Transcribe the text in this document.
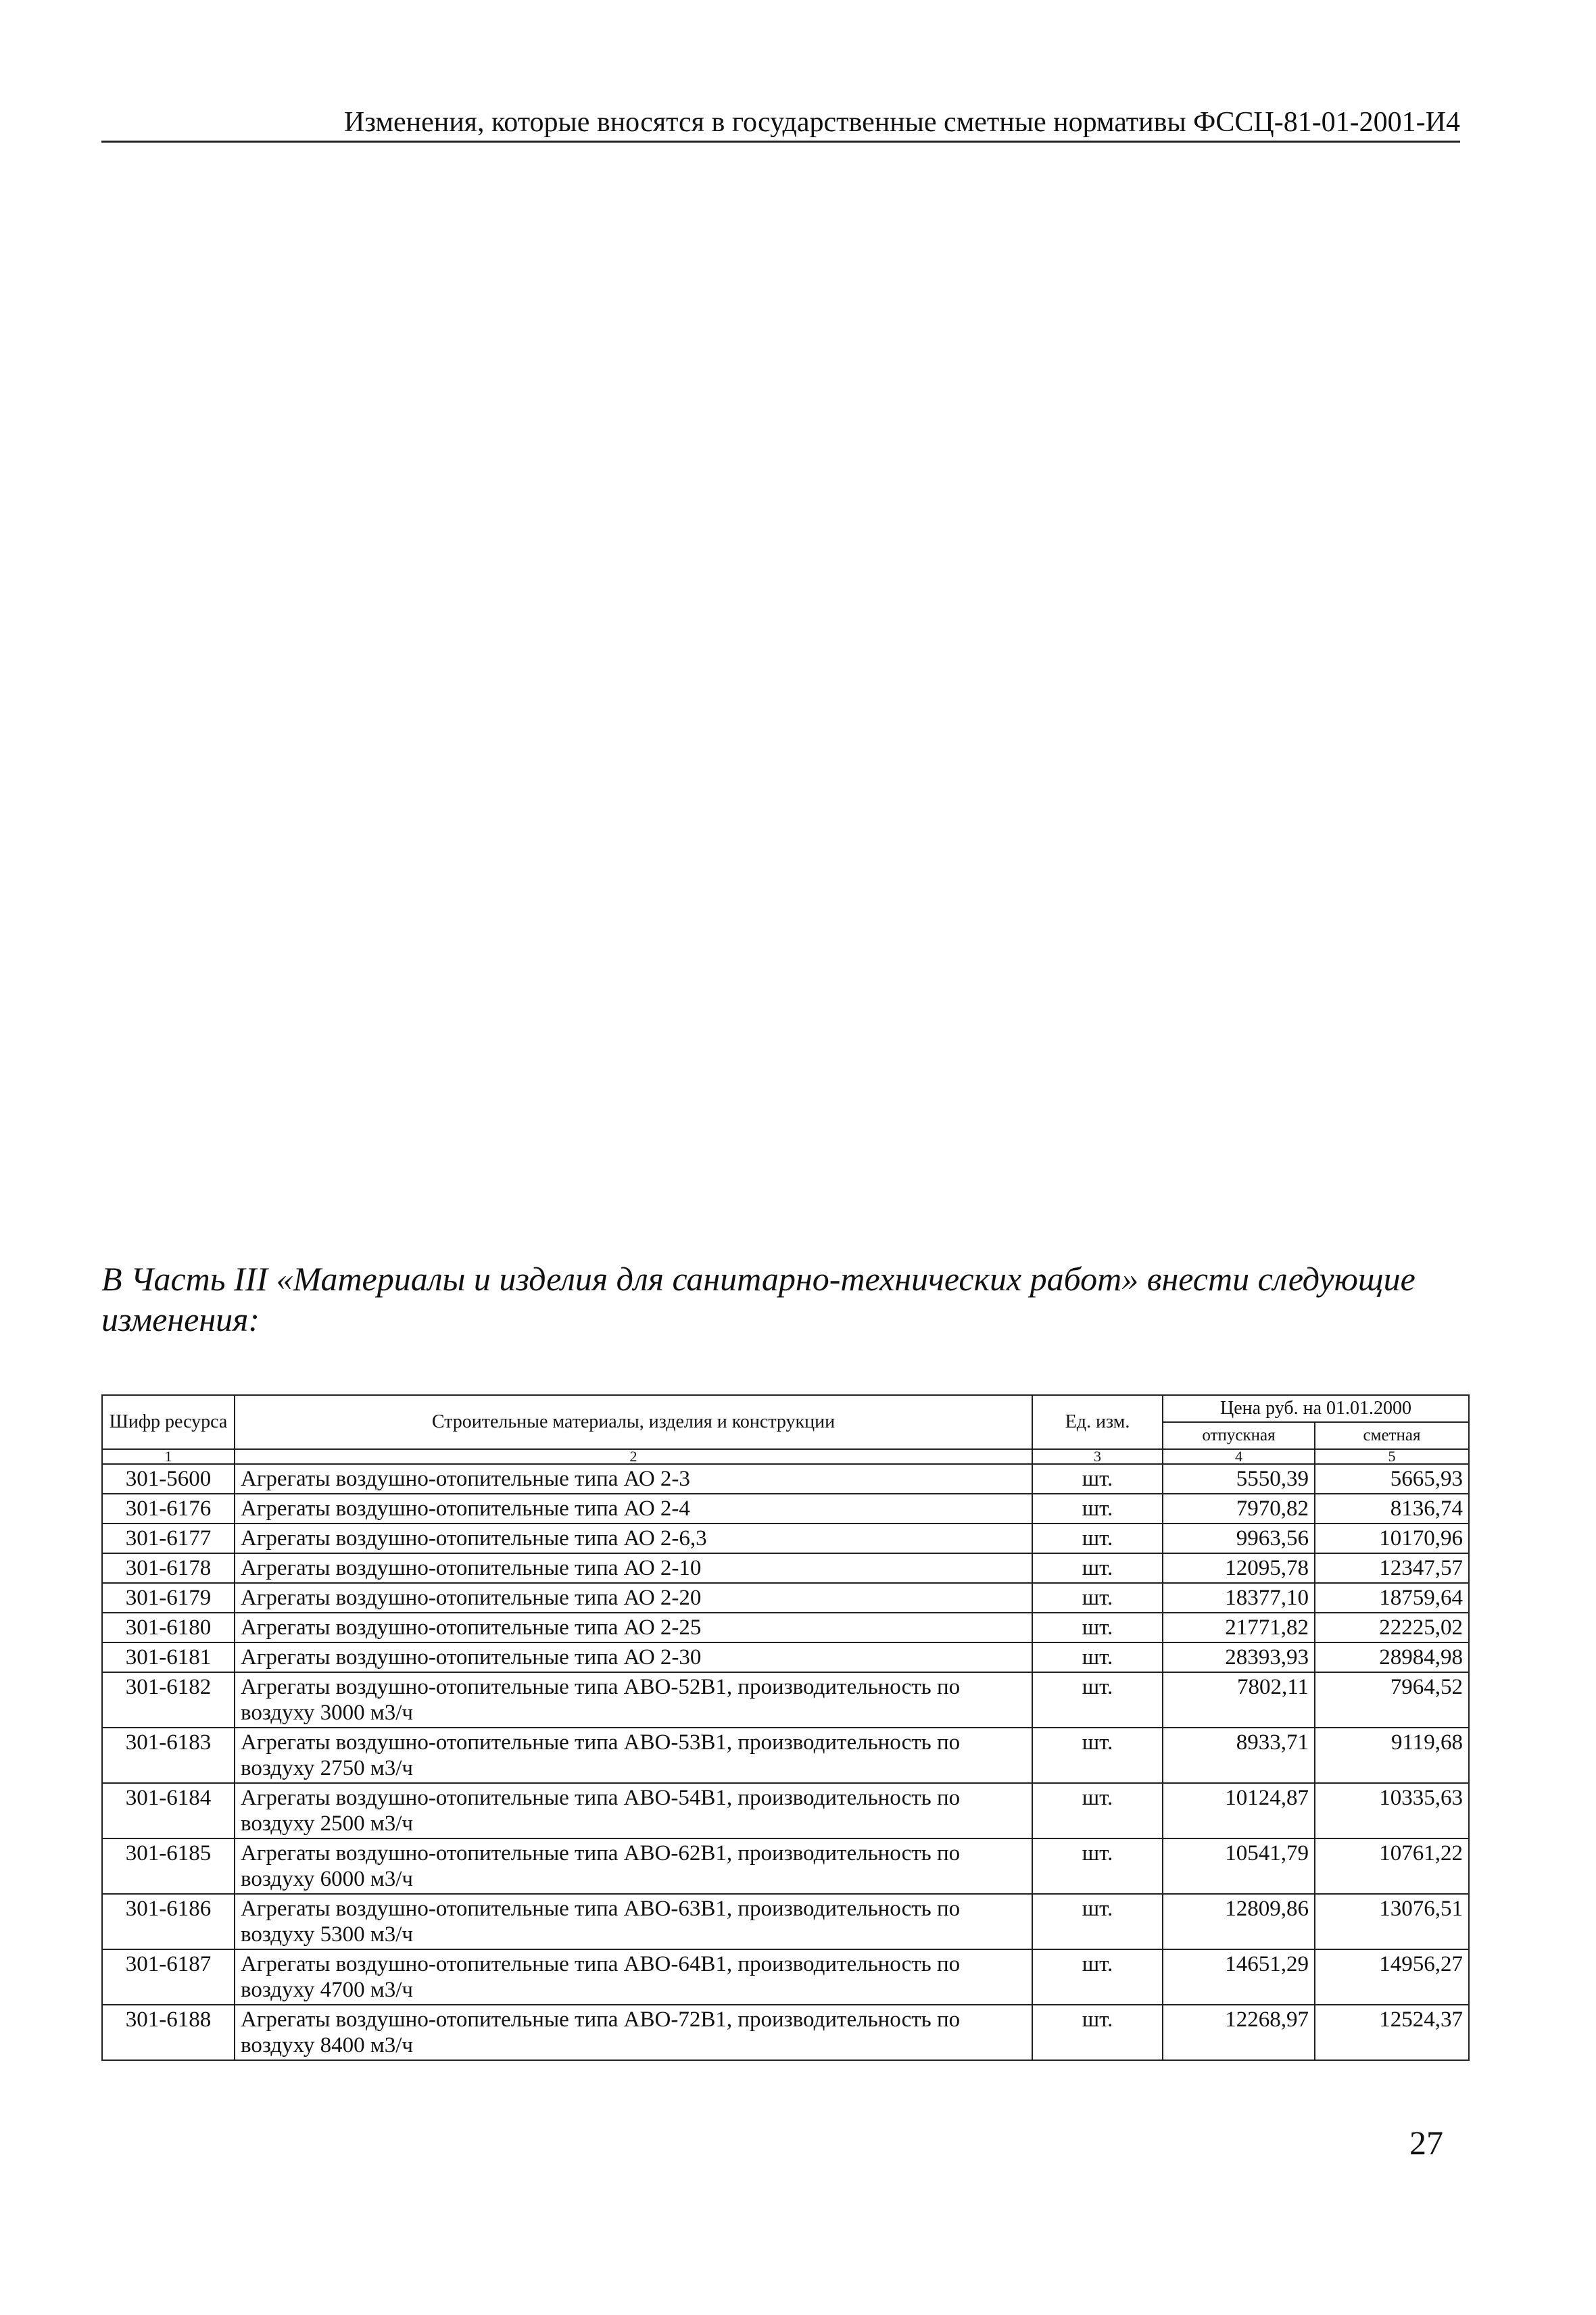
Изменения, которые вносятся в государственные сметные нормативы ФССЦ-81-01-2001-И4
В Часть III «Материалы и изделия для санитарно-технических работ» внести следующие изменения:
Шифр ресурса	Строительные материалы, изделия и конструкции	Ед. изм.	Цена руб. на 01.01.2000	
			отпускная	сметная
1	2	3	4	5
301-5600	Агрегаты воздушно-отопительные типа АО 2-3	шт.	5550,39	5665,93
301-6176	Агрегаты воздушно-отопительные типа АО 2-4	шт.	7970,82	8136,74
301-6177	Агрегаты воздушно-отопительные типа АО 2-6,3	шт.	9963,56	10170,96
301-6178	Агрегаты воздушно-отопительные типа АО 2-10	шт.	12095,78	12347,57
301-6179	Агрегаты воздушно-отопительные типа АО 2-20	шт.	18377,10	18759,64
301-6180	Агрегаты воздушно-отопительные типа АО 2-25	шт.	21771,82	22225,02
301-6181	Агрегаты воздушно-отопительные типа АО 2-30	шт.	28393,93	28984,98
301-6182	Агрегаты воздушно-отопительные типа АВО-52В1, производительность по воздуху 3000 м3/ч	шт.	7802,11	7964,52
301-6183	Агрегаты воздушно-отопительные типа АВО-53В1, производительность по воздуху 2750 м3/ч	шт.	8933,71	9119,68
301-6184	Агрегаты воздушно-отопительные типа АВО-54В1, производительность по воздуху 2500 м3/ч	шт.	10124,87	10335,63
301-6185	Агрегаты воздушно-отопительные типа АВО-62В1, производительность по воздуху 6000 м3/ч	шт.	10541,79	10761,22
301-6186	Агрегаты воздушно-отопительные типа АВО-63В1, производительность по воздуху 5300 м3/ч	шт.	12809,86	13076,51
301-6187	Агрегаты воздушно-отопительные типа АВО-64В1, производительность по воздуху 4700 м3/ч	шт.	14651,29	14956,27
301-6188	Агрегаты воздушно-отопительные типа АВО-72В1, производительность по воздуху 8400 м3/ч	шт.	12268,97	12524,37
27
